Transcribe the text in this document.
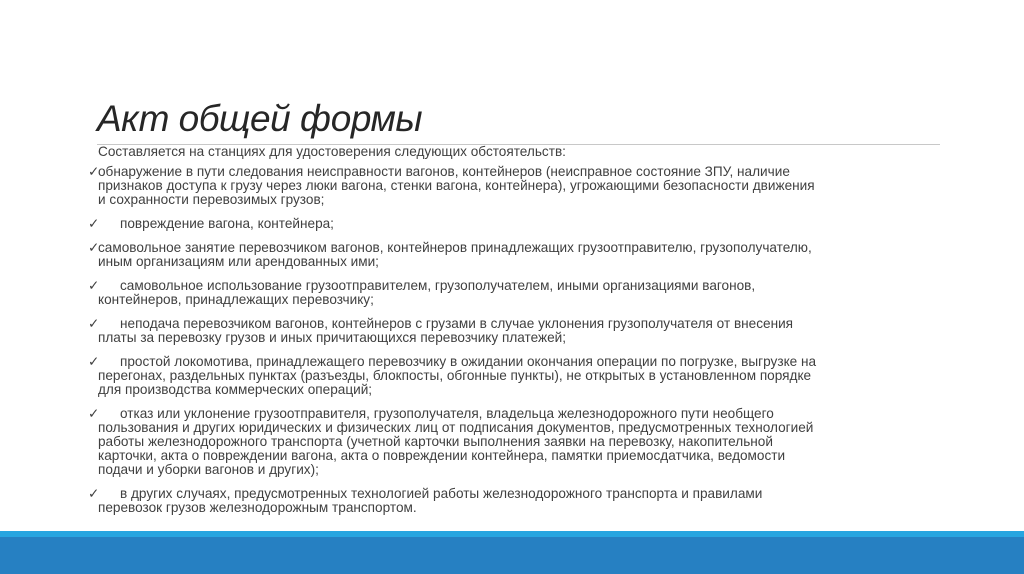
Акт общей формы
Составляется на станциях для удостоверения следующих обстоятельств:
✓обнаружение в пути следования неисправности вагонов, контейнеров (неисправное состояние ЗПУ, наличие
признаков доступа к грузу через люки вагона, стенки вагона, контейнера), угрожающими безопасности движения
и сохранности перевозимых грузов;
✓ повреждение вагона, контейнера;
✓самовольное занятие перевозчиком вагонов, контейнеров принадлежащих грузоотправителю, грузополучателю,
иным организациям или арендованных ими;
✓ самовольное использование грузоотправителем, грузополучателем, иными организациями вагонов,
контейнеров, принадлежащих перевозчику;
✓ неподача перевозчиком вагонов, контейнеров с грузами в случае уклонения грузополучателя от внесения
платы за перевозку грузов и иных причитающихся перевозчику платежей;
✓ простой локомотива, принадлежащего перевозчику в ожидании окончания операции по погрузке, выгрузке на
перегонах, раздельных пунктах (разъезды, блокпосты, обгонные пункты), не открытых в установленном порядке
для производства коммерческих операций;
✓ отказ или уклонение грузоотправителя, грузополучателя, владельца железнодорожного пути необщего
пользования и других юридических и физических лиц от подписания документов, предусмотренных технологией
работы железнодорожного транспорта (учетной карточки выполнения заявки на перевозку, накопительной
карточки, акта о повреждении вагона, акта о повреждении контейнера, памятки приемосдатчика, ведомости
подачи и уборки вагонов и других);
✓ в других случаях, предусмотренных технологией работы железнодорожного транспорта и правилами
перевозок грузов железнодорожным транспортом.
